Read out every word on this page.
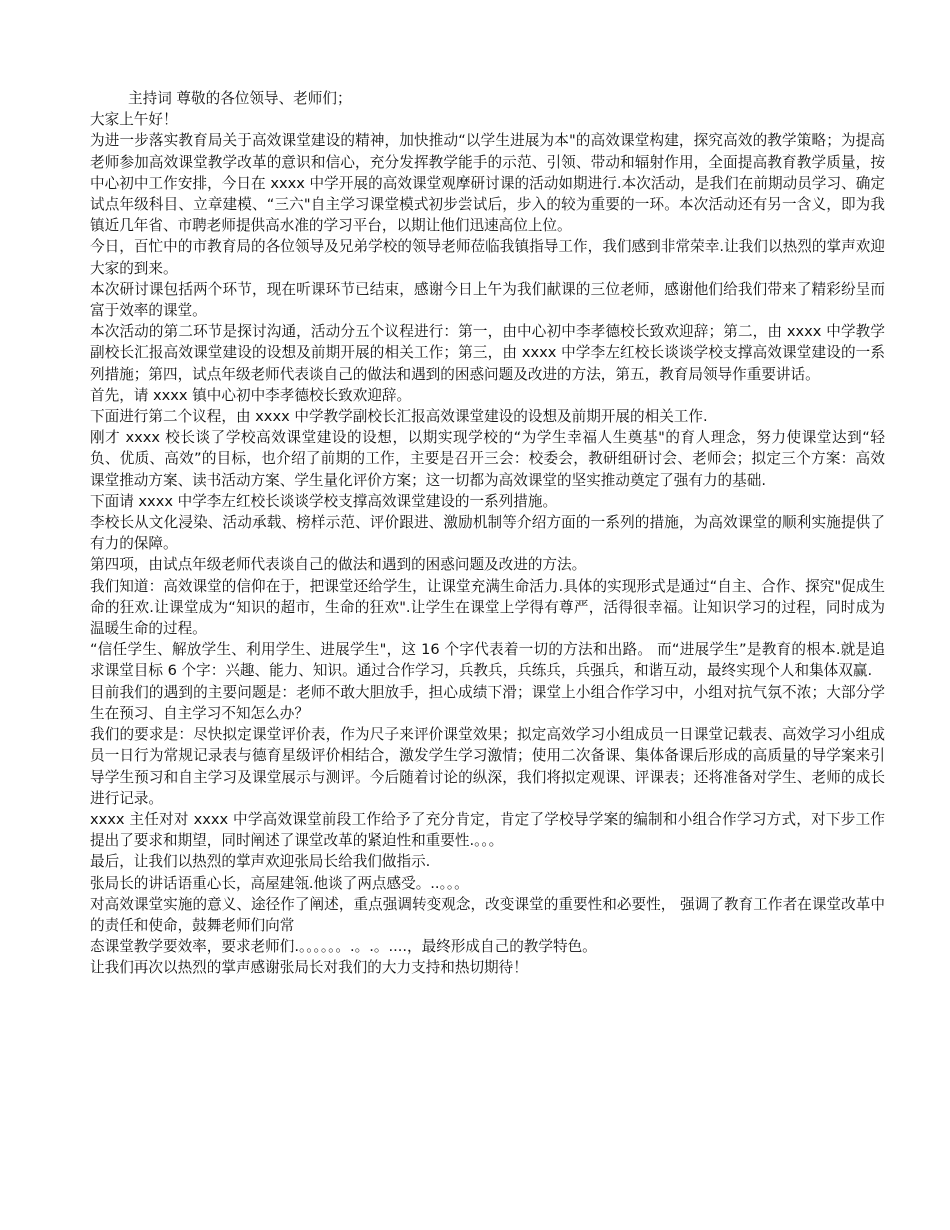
主持词 尊敬的各位领导、老师们；

大家上午好！

为进一步落实教育局关于高效课堂建设的精神，加快推动“以学生进展为本"的高效课堂构建，探究高效的教学策略；为提高老师参加高效课堂教学改革的意识和信心，充分发挥教学能手的示范、引领、带动和辐射作用，全面提高教育教学质量，按中心初中工作安排，今日在 xxxx 中学开展的高效课堂观摩研讨课的活动如期进行.本次活动，是我们在前期动员学习、确定试点年级科目、立章建模、“三六"自主学习课堂模式初步尝试后，步入的较为重要的一环。本次活动还有另一含义，即为我镇近几年省、市聘老师提供高水准的学习平台，以期让他们迅速高位上位。

今日，百忙中的市教育局的各位领导及兄弟学校的领导老师莅临我镇指导工作，我们感到非常荣幸.让我们以热烈的掌声欢迎大家的到来。

本次研讨课包括两个环节，现在听课环节已结束，感谢今日上午为我们献课的三位老师，感谢他们给我们带来了精彩纷呈而富于效率的课堂。

本次活动的第二环节是探讨沟通，活动分五个议程进行：第一，由中心初中李孝德校长致欢迎辞；第二，由 xxxx 中学教学副校长汇报高效课堂建设的设想及前期开展的相关工作；第三，由 xxxx 中学李左红校长谈谈学校支撑高效课堂建设的一系列措施；第四，试点年级老师代表谈自己的做法和遇到的困惑问题及改进的方法，第五，教育局领导作重要讲话。

首先，请 xxxx 镇中心初中李孝德校长致欢迎辞。

下面进行第二个议程，由 xxxx 中学教学副校长汇报高效课堂建设的设想及前期开展的相关工作.

刚才 xxxx 校长谈了学校高效课堂建设的设想，以期实现学校的“为学生幸福人生奠基"的育人理念，努力使课堂达到“轻负、优质、高效”的目标，也介绍了前期的工作，主要是召开三会：校委会，教研组研讨会、老师会；拟定三个方案：高效课堂推动方案、读书活动方案、学生量化评价方案；这一切都为高效课堂的坚实推动奠定了强有力的基础.

下面请 xxxx 中学李左红校长谈谈学校支撑高效课堂建设的一系列措施。

李校长从文化浸染、活动承载、榜样示范、评价跟进、激励机制等介绍方面的一系列的措施，为高效课堂的顺利实施提供了有力的保障。

第四项，由试点年级老师代表谈自己的做法和遇到的困惑问题及改进的方法。

我们知道：高效课堂的信仰在于，把课堂还给学生，让课堂充满生命活力.具体的实现形式是通过“自主、合作、探究"促成生命的狂欢.让课堂成为“知识的超市，生命的狂欢".让学生在课堂上学得有尊严，活得很幸福。让知识学习的过程，同时成为温暖生命的过程。

“信任学生、解放学生、利用学生、进展学生"，这 16 个字代表着一切的方法和出路。 而“进展学生”是教育的根本.就是追求课堂目标 6 个字：兴趣、能力、知识。通过合作学习，兵教兵，兵练兵，兵强兵，和谐互动，最终实现个人和集体双赢.

目前我们的遇到的主要问题是：老师不敢大胆放手，担心成绩下滑；课堂上小组合作学习中，小组对抗气氛不浓；大部分学生在预习、自主学习不知怎么办？

我们的要求是：尽快拟定课堂评价表，作为尺子来评价课堂效果；拟定高效学习小组成员一日课堂记载表、高效学习小组成员一日行为常规记录表与德育星级评价相结合，激发学生学习激情；使用二次备课、集体备课后形成的高质量的导学案来引导学生预习和自主学习及课堂展示与测评。今后随着讨论的纵深，我们将拟定观课、评课表；还将准备对学生、老师的成长进行记录。

xxxx 主任对对 xxxx 中学高效课堂前段工作给予了充分肯定，肯定了学校导学案的编制和小组合作学习方式，对下步工作提出了要求和期望，同时阐述了课堂改革的紧迫性和重要性.。。。

最后，让我们以热烈的掌声欢迎张局长给我们做指示.

张局长的讲话语重心长，高屋建瓴.他谈了两点感受。..。。。

对高效课堂实施的意义、途径作了阐述，重点强调转变观念，改变课堂的重要性和必要性， 强调了教育工作者在课堂改革中的责任和使命，鼓舞老师们向常

态课堂教学要效率，要求老师们.。。。。。。.。.。....，最终形成自己的教学特色。

让我们再次以热烈的掌声感谢张局长对我们的大力支持和热切期待！
